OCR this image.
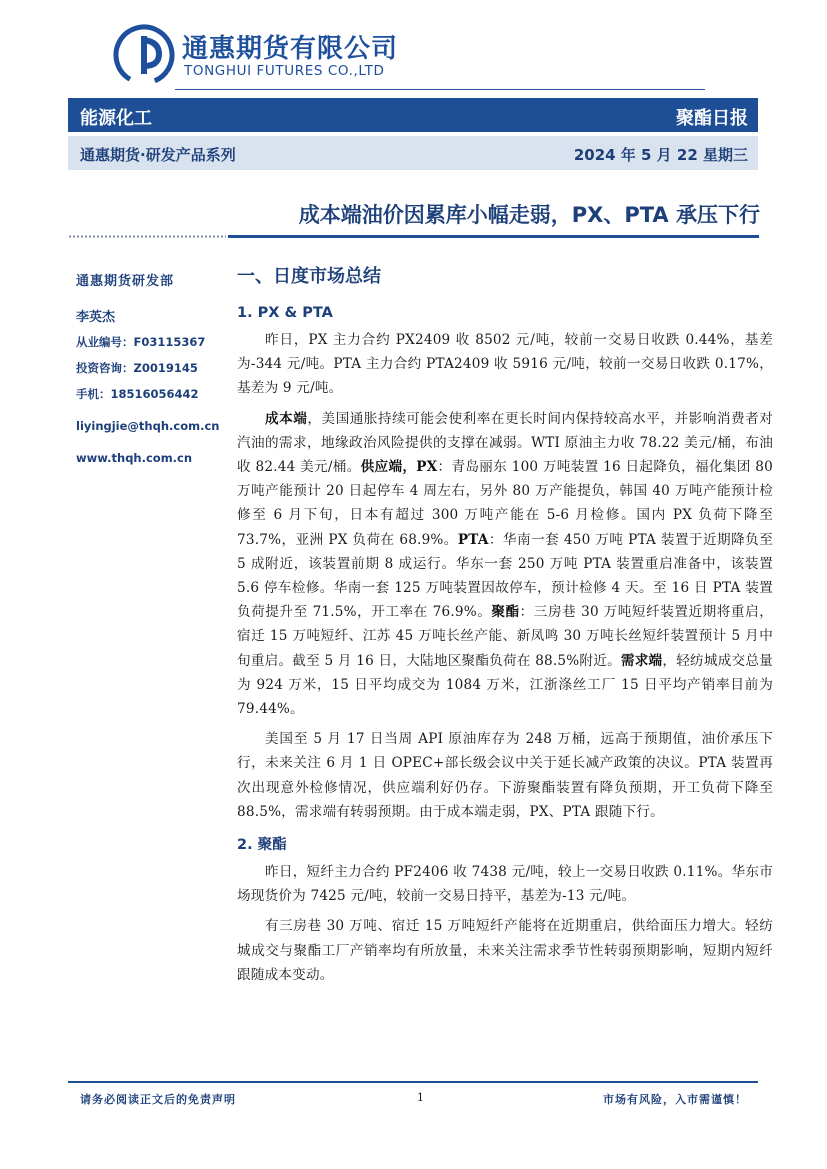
通惠期货有限公司
TONGHUI FUTURES CO.,LTD
能源化工	聚酯日报
通惠期货·研发产品系列	2024 年 5 月 22 星期三
成本端油价因累库小幅走弱，PX、PTA 承压下行
通惠期货研发部
李英杰
从业编号：F03115367
投资咨询：Z0019145
手机：18516056442
liyingjie@thqh.com.cn
www.thqh.com.cn
一、日度市场总结
1. PX & PTA

昨日，PX 主力合约 PX2409 收 8502 元/吨，较前一交易日收跌 0.44%，基差为-344 元/吨。PTA 主力合约 PTA2409 收 5916 元/吨，较前一交易日收跌 0.17%，基差为 9 元/吨。

成本端，美国通胀持续可能会使利率在更长时间内保持较高水平，并影响消费者对汽油的需求，地缘政治风险提供的支撑在减弱。WTI 原油主力收 78.22 美元/桶，布油收 82.44 美元/桶。供应端，PX：青岛丽东 100 万吨装置 16 日起降负，福化集团 80 万吨产能预计 20 日起停车 4 周左右，另外 80 万产能提负，韩国 40 万吨产能预计检修至 6 月下旬，日本有超过 300 万吨产能在 5-6 月检修。国内 PX 负荷下降至 73.7%，亚洲 PX 负荷在 68.9%。PTA：华南一套 450 万吨 PTA 装置于近期降负至 5 成附近，该装置前期 8 成运行。华东一套 250 万吨 PTA 装置重启准备中，该装置 5.6 停车检修。华南一套 125 万吨装置因故停车，预计检修 4 天。至 16 日 PTA 装置负荷提升至 71.5%，开工率在 76.9%。聚酯：三房巷 30 万吨短纤装置近期将重启，宿迁 15 万吨短纤、江苏 45 万吨长丝产能、新凤鸣 30 万吨长丝短纤装置预计 5 月中旬重启。截至 5 月 16 日，大陆地区聚酯负荷在 88.5%附近。需求端，轻纺城成交总量为 924 万米，15 日平均成交为 1084 万米，江浙涤丝工厂 15 日平均产销率目前为 79.44%。

美国至 5 月 17 日当周 API 原油库存为 248 万桶，远高于预期值，油价承压下行，未来关注 6 月 1 日 OPEC+部长级会议中关于延长减产政策的决议。PTA 装置再次出现意外检修情况，供应端利好仍存。下游聚酯装置有降负预期，开工负荷下降至 88.5%，需求端有转弱预期。由于成本端走弱，PX、PTA 跟随下行。

2. 聚酯

昨日，短纤主力合约 PF2406 收 7438 元/吨，较上一交易日收跌 0.11%。华东市场现货价为 7425 元/吨，较前一交易日持平，基差为-13 元/吨。

有三房巷 30 万吨、宿迁 15 万吨短纤产能将在近期重启，供给面压力增大。轻纺城成交与聚酯工厂产销率均有所放量，未来关注需求季节性转弱预期影响，短期内短纤跟随成本变动。

请务必阅读正文后的免责声明	1	市场有风险，入市需谨慎！
